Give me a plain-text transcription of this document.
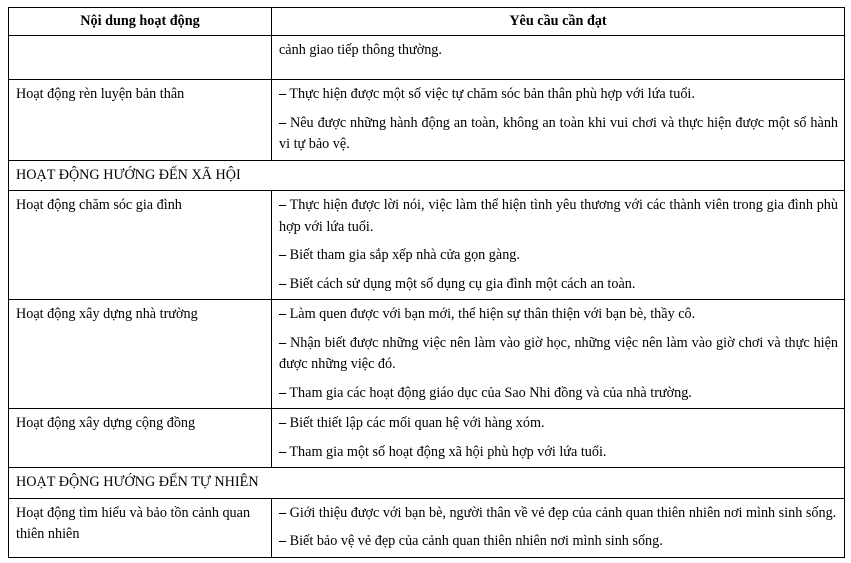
Nội dung hoạt động	Yêu cầu cần đạt

	cảnh giao tiếp thông thường.

Hoạt động rèn luyện bản thân	– Thực hiện được một số việc tự chăm sóc bản thân phù hợp với lứa tuổi.
– Nêu được những hành động an toàn, không an toàn khi vui chơi và thực hiện được một số hành vi tự bảo vệ.

HOẠT ĐỘNG HƯỚNG ĐẾN XÃ HỘI	
Hoạt động chăm sóc gia đình	– Thực hiện được lời nói, việc làm thể hiện tình yêu thương với các thành viên trong gia đình phù hợp với lứa tuổi.
– Biết tham gia sắp xếp nhà cửa gọn gàng.
– Biết cách sử dụng một số dụng cụ gia đình một cách an toàn.

Hoạt động xây dựng nhà trường	– Làm quen được với bạn mới, thể hiện sự thân thiện với bạn bè, thầy cô.
– Nhận biết được những việc nên làm vào giờ học, những việc nên làm vào giờ chơi và thực hiện được những việc đó.
– Tham gia các hoạt động giáo dục của Sao Nhi đồng và của nhà trường.

Hoạt động xây dựng cộng đồng	– Biết thiết lập các mối quan hệ với hàng xóm.
– Tham gia một số hoạt động xã hội phù hợp với lứa tuổi.

HOẠT ĐỘNG HƯỚNG ĐẾN TỰ NHIÊN	
Hoạt động tìm hiểu và bảo tồn cảnh quan thiên nhiên	– Giới thiệu được với bạn bè, người thân về vẻ đẹp của cảnh quan thiên nhiên nơi mình sinh sống.
– Biết bảo vệ vẻ đẹp của cảnh quan thiên nhiên nơi mình sinh sống.
